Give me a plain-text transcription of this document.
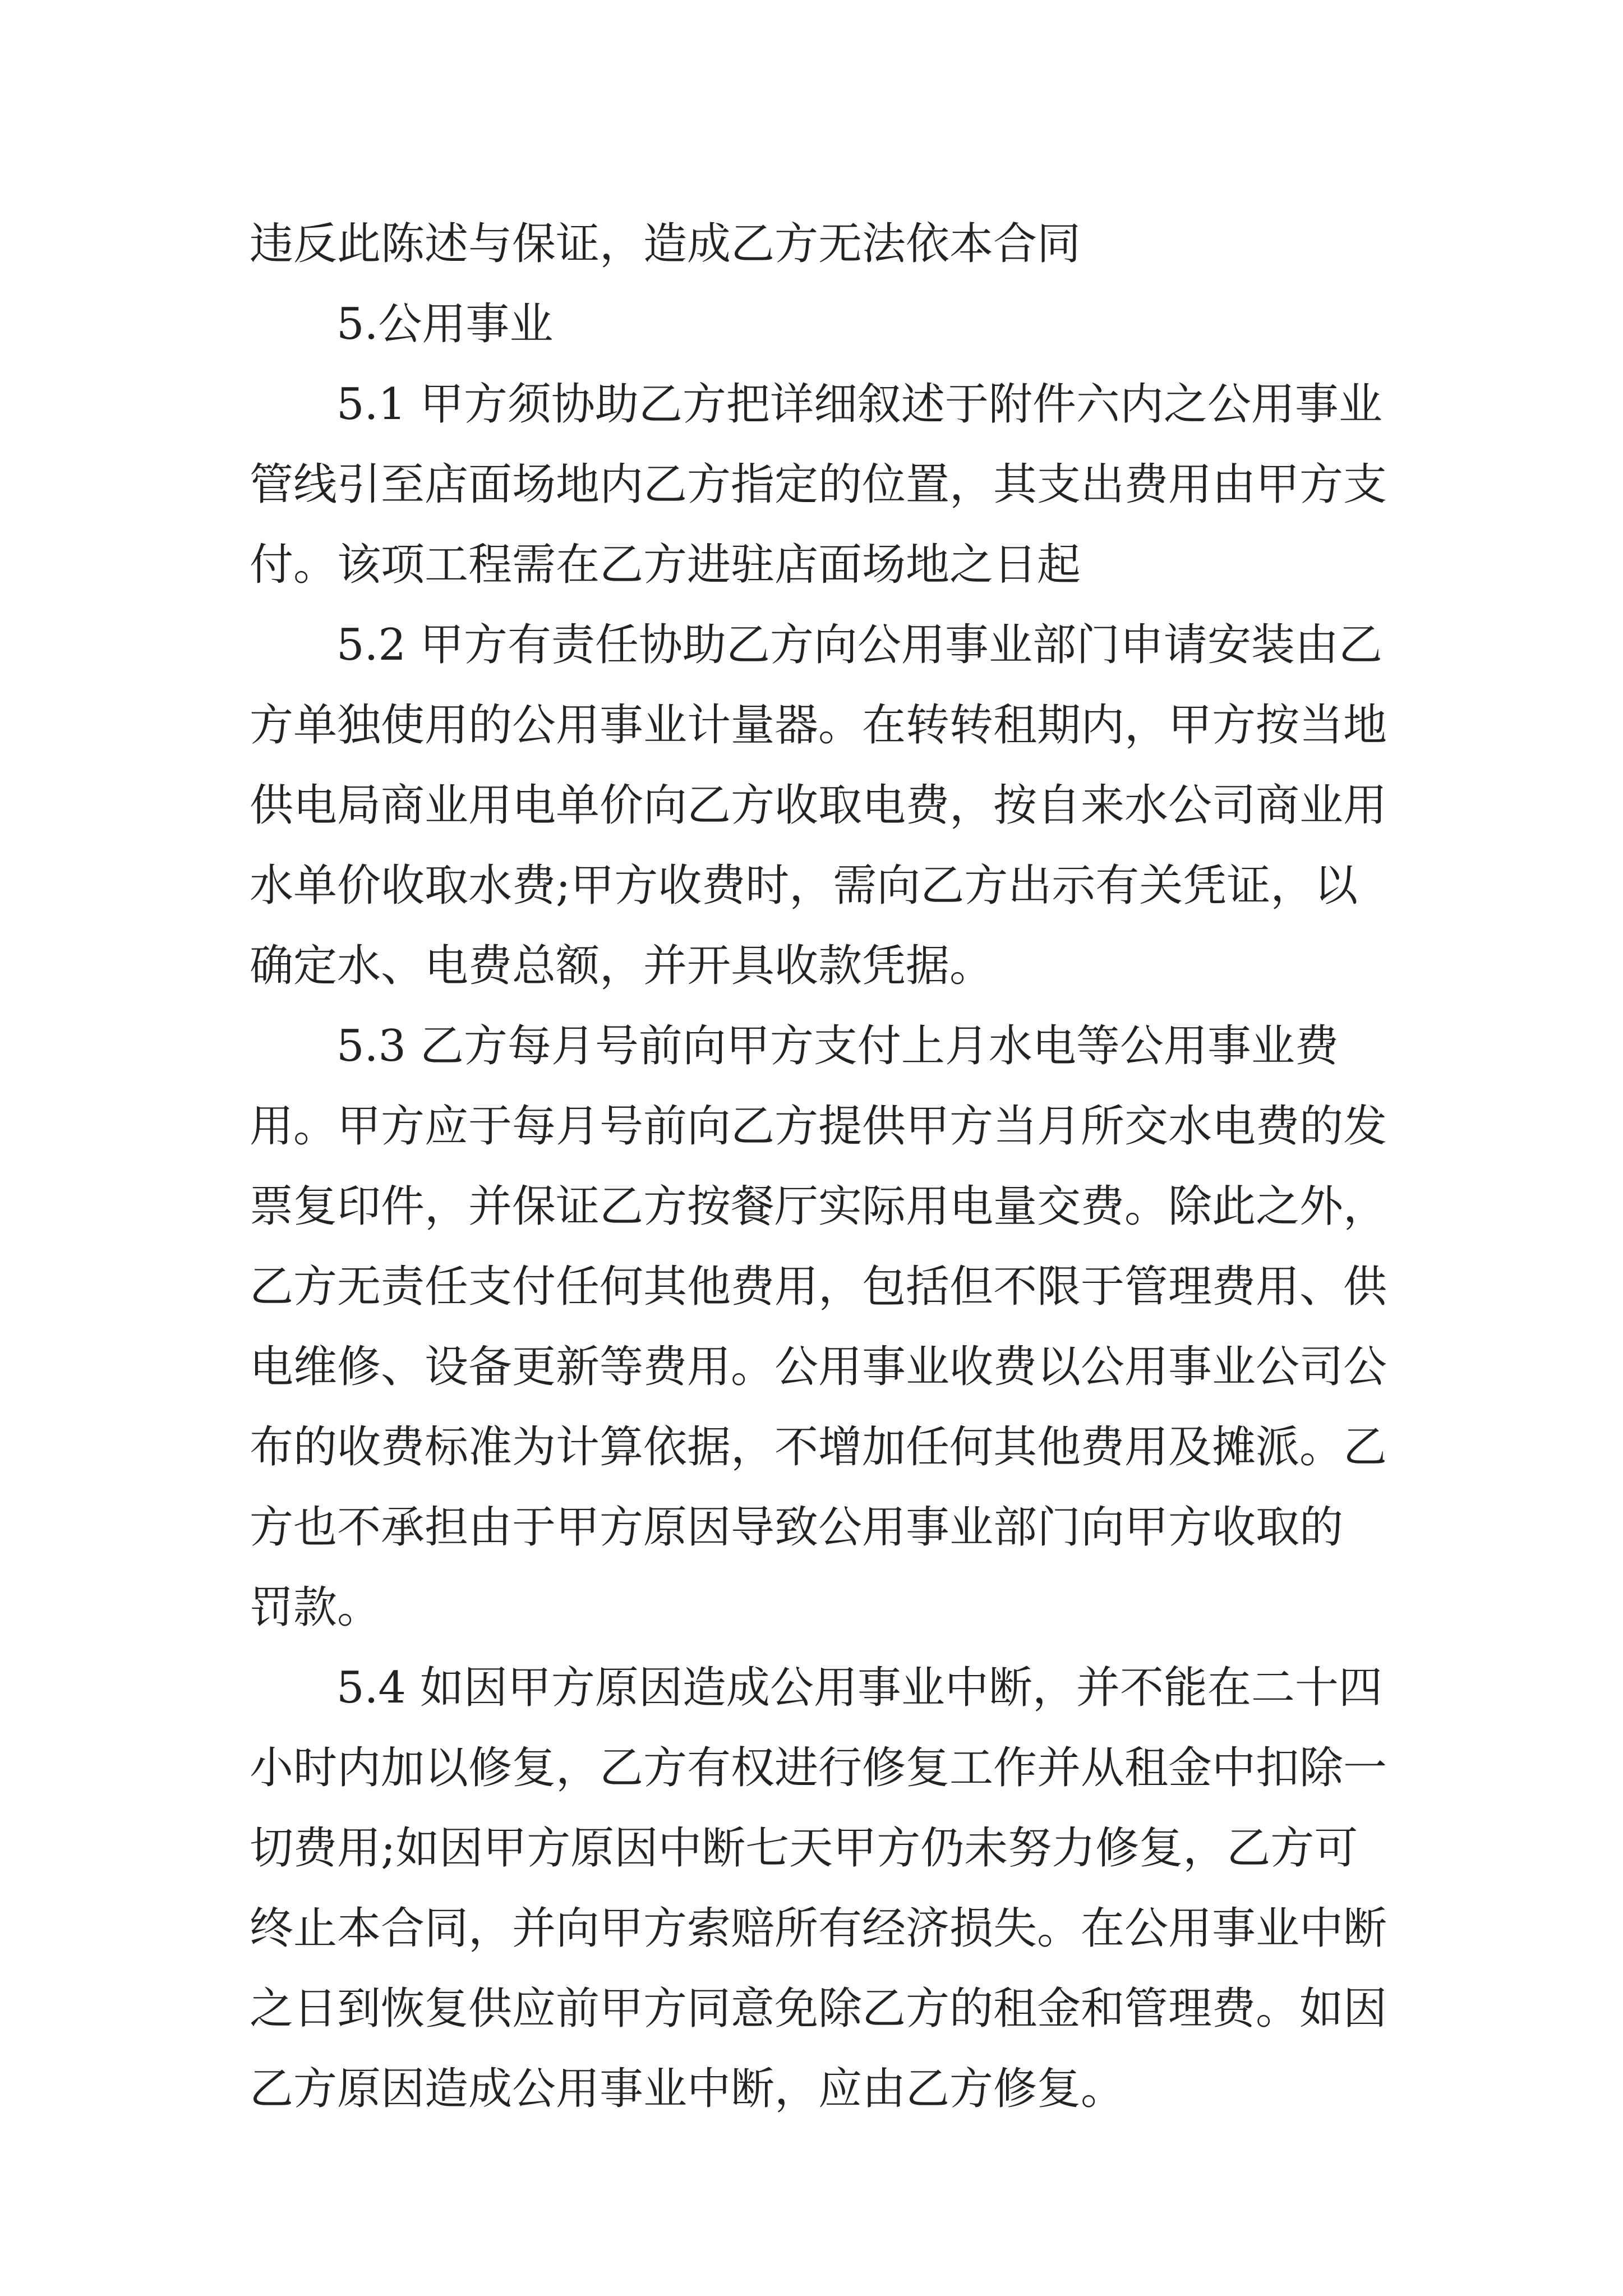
违反此陈述与保证，造成乙方无法依本合同
5.公用事业
5.1 甲方须协助乙方把详细叙述于附件六内之公用事业
管线引至店面场地内乙方指定的位置，其支出费用由甲方支
付。该项工程需在乙方进驻店面场地之日起
5.2 甲方有责任协助乙方向公用事业部门申请安装由乙
方单独使用的公用事业计量器。在转转租期内，甲方按当地
供电局商业用电单价向乙方收取电费，按自来水公司商业用
水单价收取水费;甲方收费时，需向乙方出示有关凭证，以
确定水、电费总额，并开具收款凭据。
5.3 乙方每月号前向甲方支付上月水电等公用事业费
用。甲方应于每月号前向乙方提供甲方当月所交水电费的发
票复印件，并保证乙方按餐厅实际用电量交费。除此之外，
乙方无责任支付任何其他费用，包括但不限于管理费用、供
电维修、设备更新等费用。公用事业收费以公用事业公司公
布的收费标准为计算依据，不增加任何其他费用及摊派。乙
方也不承担由于甲方原因导致公用事业部门向甲方收取的
罚款。
5.4 如因甲方原因造成公用事业中断，并不能在二十四
小时内加以修复，乙方有权进行修复工作并从租金中扣除一
切费用;如因甲方原因中断七天甲方仍未努力修复，乙方可
终止本合同，并向甲方索赔所有经济损失。在公用事业中断
之日到恢复供应前甲方同意免除乙方的租金和管理费。如因
乙方原因造成公用事业中断，应由乙方修复。
